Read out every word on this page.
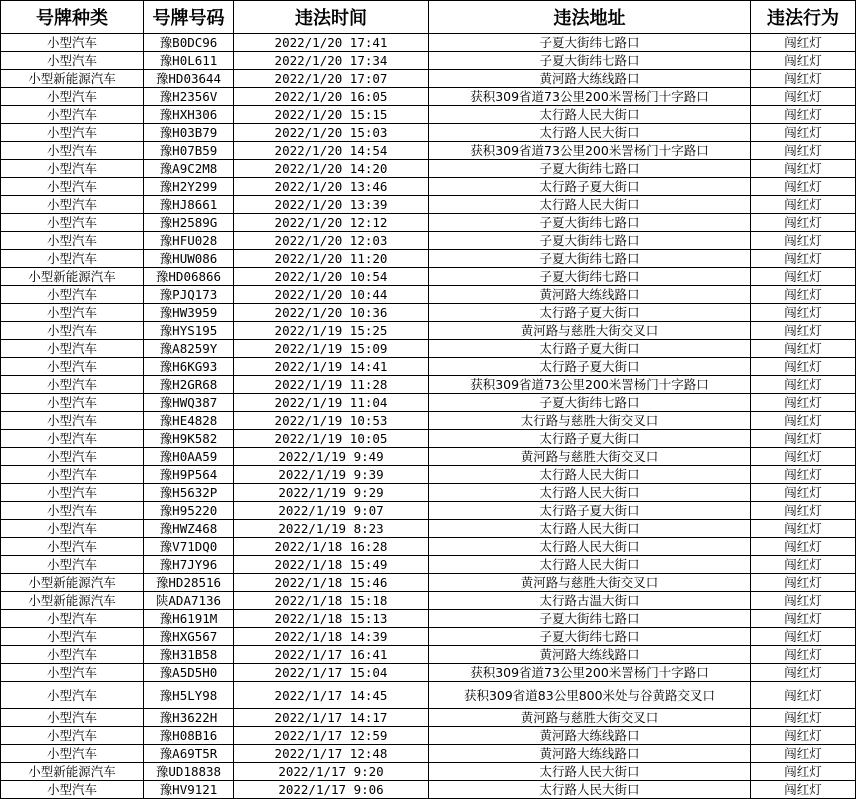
号牌种类	号牌号码	违法时间	违法地址	违法行为
小型汽车	豫B0DC96	2022/1/20 17:41	子夏大街纬七路口	闯红灯
小型汽车	豫H0L611	2022/1/20 17:34	子夏大街纬七路口	闯红灯
小型新能源汽车	豫HD03644	2022/1/20 17:07	黄河路大练线路口	闯红灯
小型汽车	豫H2356V	2022/1/20 16:05	获积309省道73公里200米詈杨门十字路口	闯红灯
小型汽车	豫HXH306	2022/1/20 15:15	太行路人民大街口	闯红灯
小型汽车	豫H03B79	2022/1/20 15:03	太行路人民大街口	闯红灯
小型汽车	豫H07B59	2022/1/20 14:54	获积309省道73公里200米詈杨门十字路口	闯红灯
小型汽车	豫A9C2M8	2022/1/20 14:20	子夏大街纬七路口	闯红灯
小型汽车	豫H2Y299	2022/1/20 13:46	太行路子夏大街口	闯红灯
小型汽车	豫HJ8661	2022/1/20 13:39	太行路人民大街口	闯红灯
小型汽车	豫H2589G	2022/1/20 12:12	子夏大街纬七路口	闯红灯
小型汽车	豫HFU028	2022/1/20 12:03	子夏大街纬七路口	闯红灯
小型汽车	豫HUW086	2022/1/20 11:20	子夏大街纬七路口	闯红灯
小型新能源汽车	豫HD06866	2022/1/20 10:54	子夏大街纬七路口	闯红灯
小型汽车	豫PJQ173	2022/1/20 10:44	黄河路大练线路口	闯红灯
小型汽车	豫HW3959	2022/1/20 10:36	太行路子夏大街口	闯红灯
小型汽车	豫HYS195	2022/1/19 15:25	黄河路与慈胜大街交叉口	闯红灯
小型汽车	豫A8259Y	2022/1/19 15:09	太行路子夏大街口	闯红灯
小型汽车	豫H6KG93	2022/1/19 14:41	太行路子夏大街口	闯红灯
小型汽车	豫H2GR68	2022/1/19 11:28	获积309省道73公里200米詈杨门十字路口	闯红灯
小型汽车	豫HWQ387	2022/1/19 11:04	子夏大街纬七路口	闯红灯
小型汽车	豫HE4828	2022/1/19 10:53	太行路与慈胜大街交叉口	闯红灯
小型汽车	豫H9K582	2022/1/19 10:05	太行路子夏大街口	闯红灯
小型汽车	豫H0AA59	2022/1/19 9:49	黄河路与慈胜大街交叉口	闯红灯
小型汽车	豫H9P564	2022/1/19 9:39	太行路人民大街口	闯红灯
小型汽车	豫H5632P	2022/1/19 9:29	太行路人民大街口	闯红灯
小型汽车	豫H95220	2022/1/19 9:07	太行路子夏大街口	闯红灯
小型汽车	豫HWZ468	2022/1/19 8:23	太行路人民大街口	闯红灯
小型汽车	豫V71DQ0	2022/1/18 16:28	太行路人民大街口	闯红灯
小型汽车	豫H7JY96	2022/1/18 15:49	太行路人民大街口	闯红灯
小型新能源汽车	豫HD28516	2022/1/18 15:46	黄河路与慈胜大街交叉口	闯红灯
小型新能源汽车	陕ADA7136	2022/1/18 15:18	太行路古温大街口	闯红灯
小型汽车	豫H6191M	2022/1/18 15:13	子夏大街纬七路口	闯红灯
小型汽车	豫HXG567	2022/1/18 14:39	子夏大街纬七路口	闯红灯
小型汽车	豫H31B58	2022/1/17 16:41	黄河路大练线路口	闯红灯
小型汽车	豫A5D5H0	2022/1/17 15:04	获积309省道73公里200米詈杨门十字路口	闯红灯
小型汽车	豫H5LY98	2022/1/17 14:45	获积309省道83公里800米处与谷黄路交叉口	闯红灯
小型汽车	豫H3622H	2022/1/17 14:17	黄河路与慈胜大街交叉口	闯红灯
小型汽车	豫H08B16	2022/1/17 12:59	黄河路大练线路口	闯红灯
小型汽车	豫A69T5R	2022/1/17 12:48	黄河路大练线路口	闯红灯
小型新能源汽车	豫UD18838	2022/1/17 9:20	太行路人民大街口	闯红灯
小型汽车	豫HV9121	2022/1/17 9:06	太行路人民大街口	闯红灯
